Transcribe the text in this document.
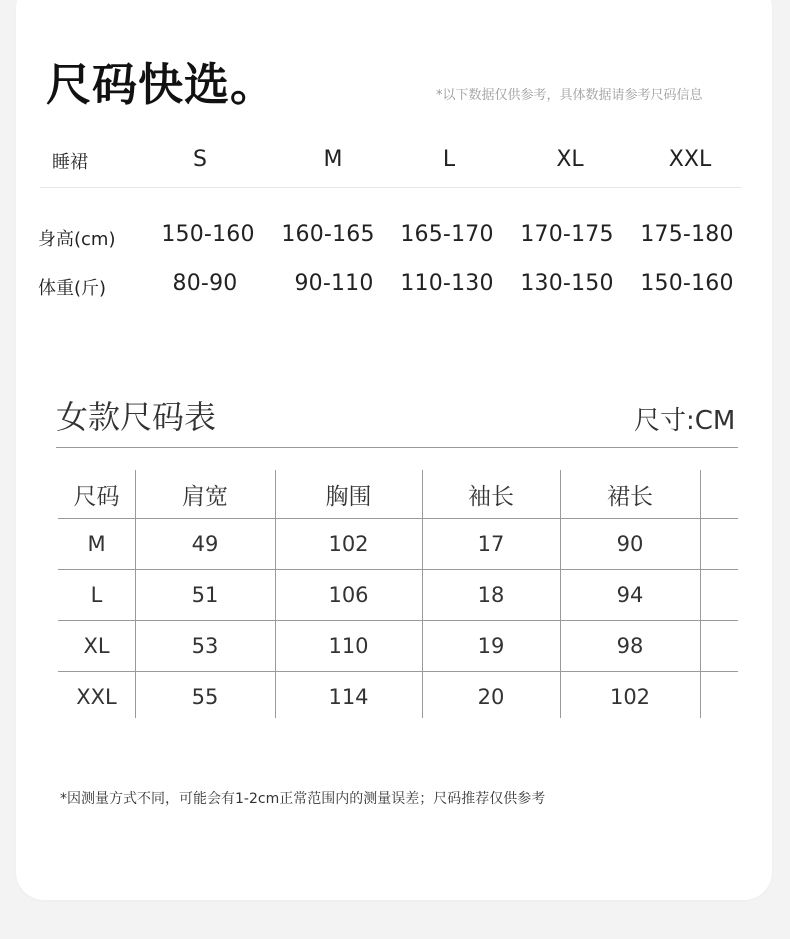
尺码快选。	*以下数据仅供参考，具体数据请参考尺码信息
睡裙	S	M	L	XL	XXL
身高(cm) 150-160 160-165 165-170 170-175 175-180
体重(斤)	80-90	90-110 110-130 130-150 150-160
女款尺码表	尺寸:CM
尺码	肩宽	胸围	袖长	裙长
M	49	102	17	90
L	51	106	18	94
XL	53	110	19	98
XXL	55	114	20	102
*因测量方式不同，可能会有1-2cm正常范围内的测量误差；尺码推荐仅供参考
